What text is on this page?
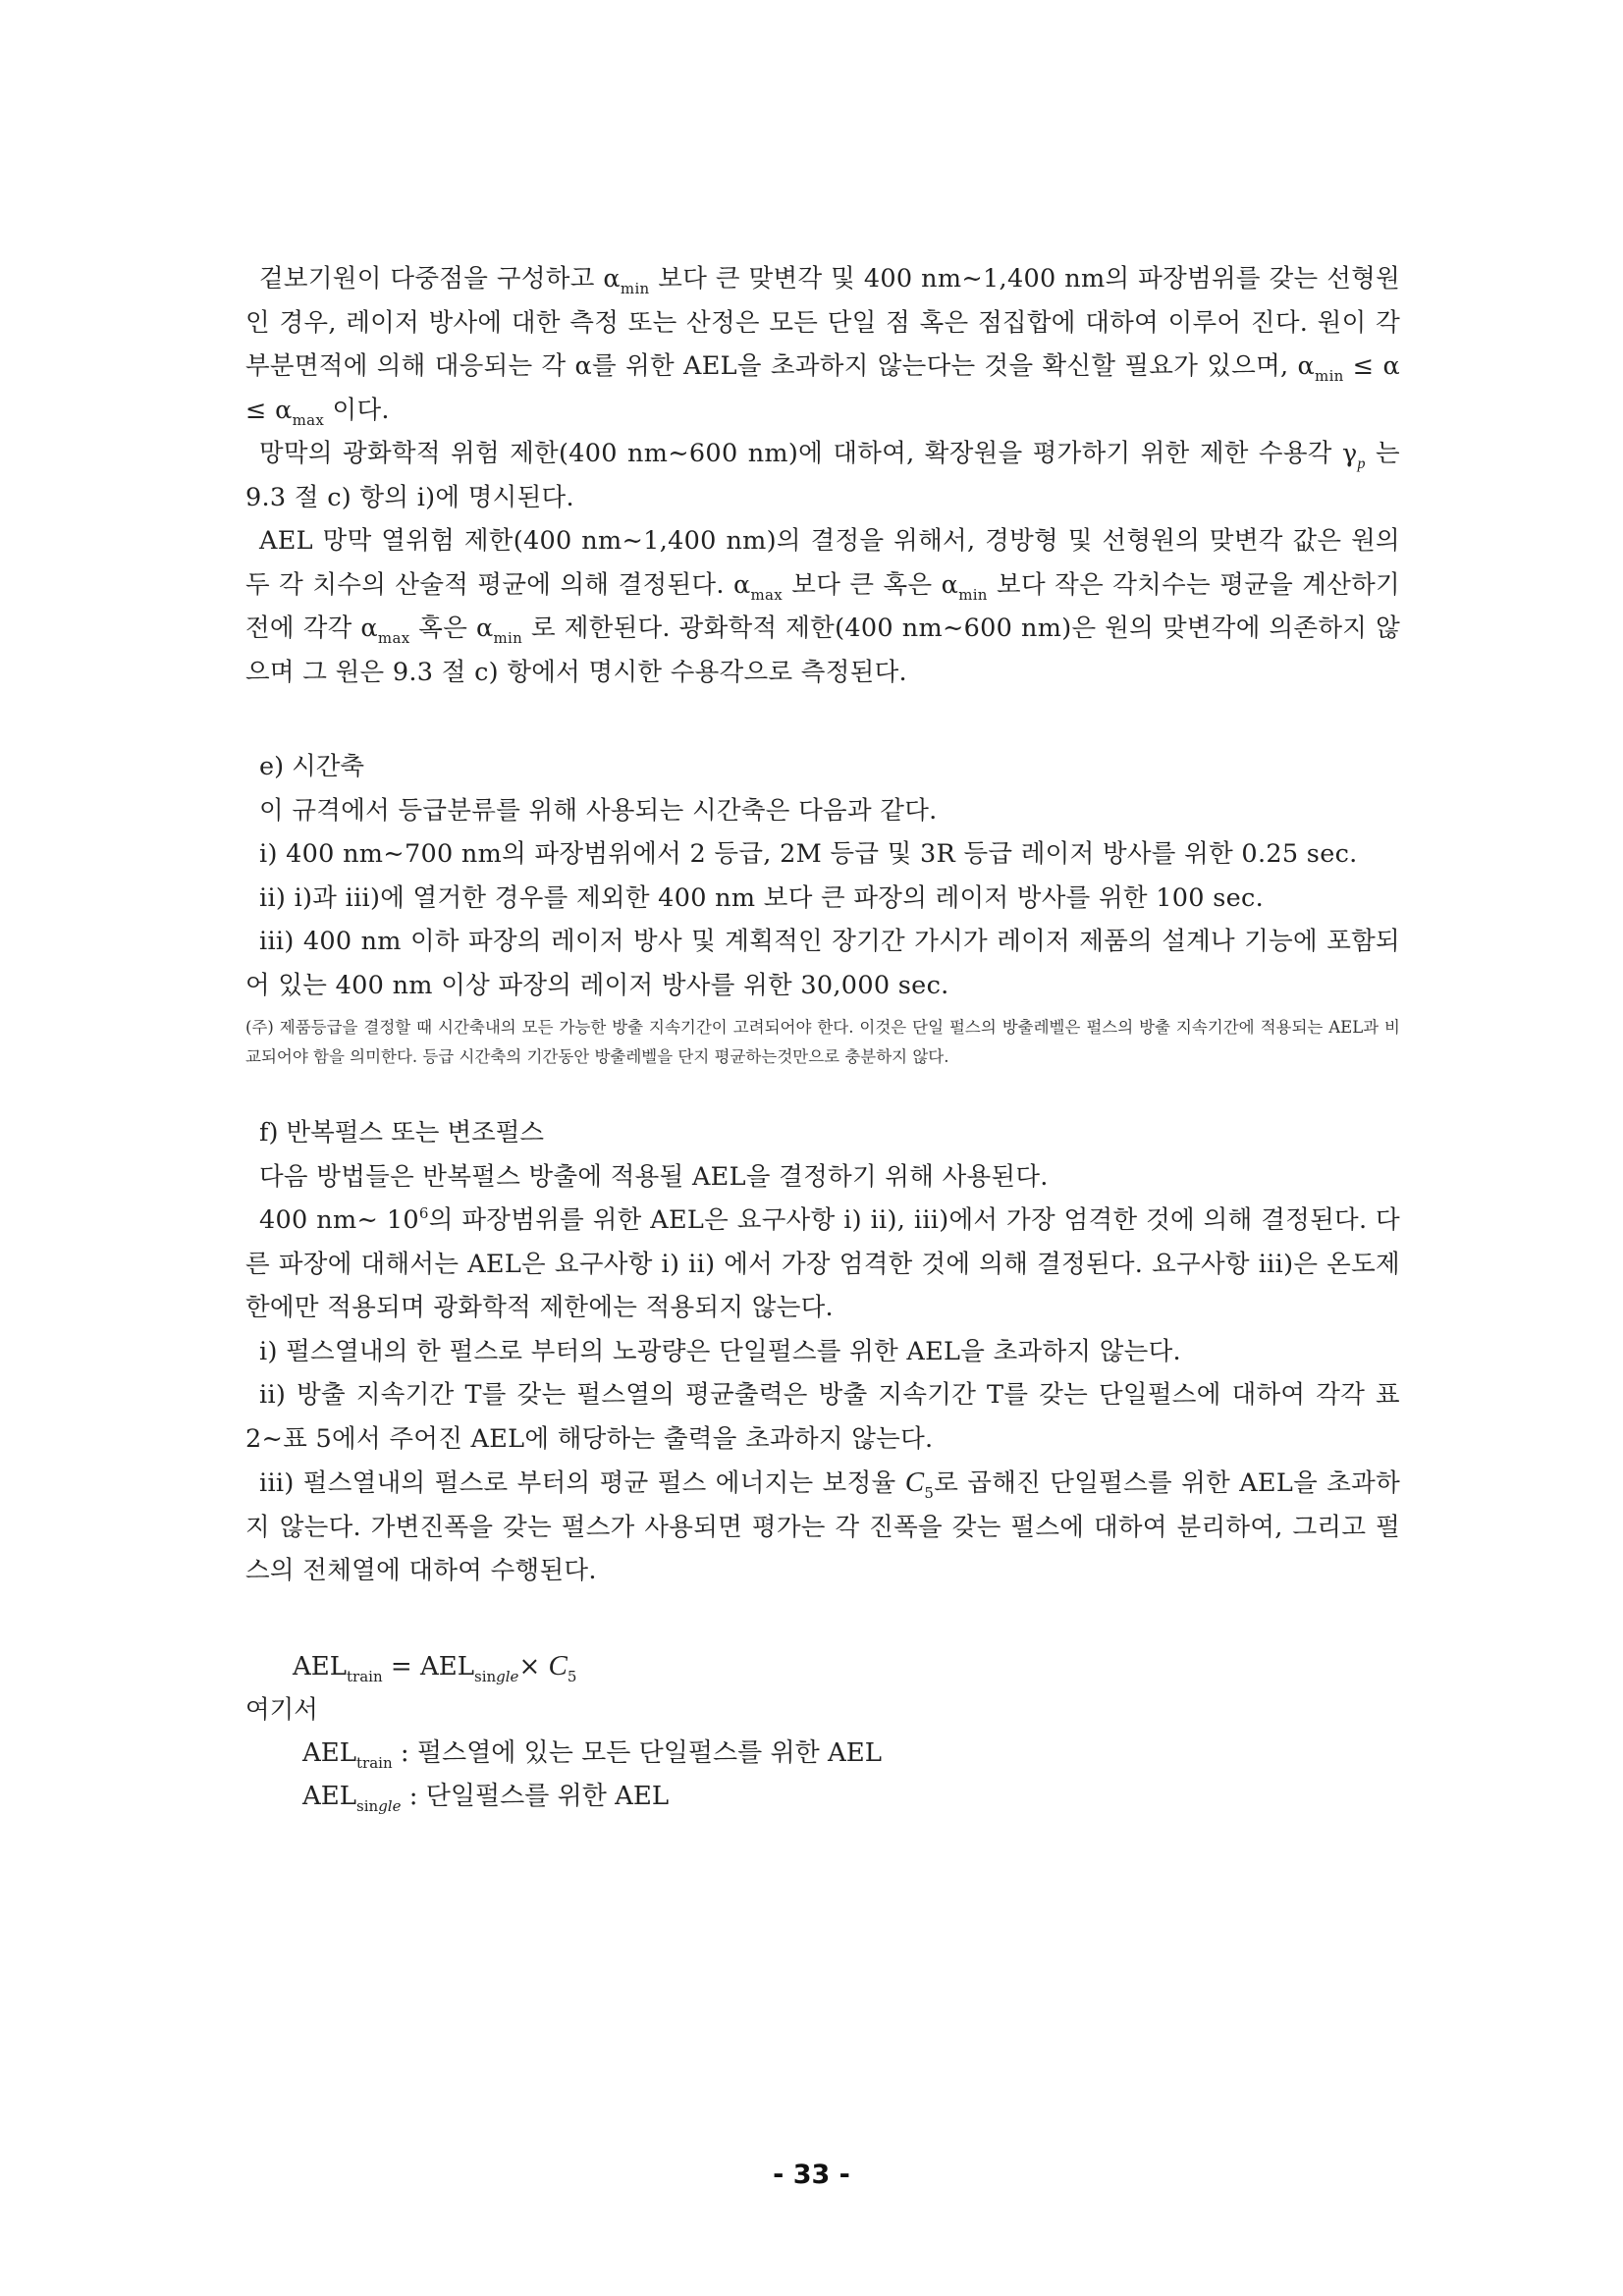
겉보기원이 다중점을 구성하고 $\alpha_{min}$ 보다 큰 맞변각 및 400 nm∼1,400 nm의 파장범위를 갖는 선형원인 경우, 레이저 방사에 대한 측정 또는 산정은 모든 단일 점 혹은 점집합에 대하여 이루어 진다. 원이 각 부분면적에 의해 대응되는 각 α를 위한 AEL을 초과하지 않는다는 것을 확신할 필요가 있으며, $\alpha_{min} \le \alpha \le \alpha_{max}$ 이다.

망막의 광화학적 위험 제한(400 nm∼600 nm)에 대하여, 확장원을 평가하기 위한 제한 수용각 $\gamma_p$ 는 9.3 절 c) 항의 i)에 명시된다.

AEL 망막 열위험 제한(400 nm∼1,400 nm)의 결정을 위해서, 경방형 및 선형원의 맞변각 값은 원의 두 각 치수의 산술적 평균에 의해 결정된다. $\alpha_{max}$ 보다 큰 혹은 $\alpha_{min}$ 보다 작은 각치수는 평균을 계산하기 전에 각각 $\alpha_{max}$ 혹은 $\alpha_{min}$ 로 제한된다. 광화학적 제한(400 nm∼600 nm)은 원의 맞변각에 의존하지 않으며 그 원은 9.3 절 c) 항에서 명시한 수용각으로 측정된다.

e) 시간축

이 규격에서 등급분류를 위해 사용되는 시간축은 다음과 같다.

i) 400 nm∼700 nm의 파장범위에서 2 등급, 2M 등급 및 3R 등급 레이저 방사를 위한 0.25 sec.

ii) i)과 iii)에 열거한 경우를 제외한 400 nm 보다 큰 파장의 레이저 방사를 위한 100 sec.

iii) 400 nm 이하 파장의 레이저 방사 및 계획적인 장기간 가시가 레이저 제품의 설계나 기능에 포함되어 있는 400 nm 이상 파장의 레이저 방사를 위한 30,000 sec.

(주) 제품등급을 결정할 때 시간축내의 모든 가능한 방출 지속기간이 고려되어야 한다. 이것은 단일 펄스의 방출레벨은 펄스의 방출 지속기간에 적용되는 AEL과 비교되어야 함을 의미한다. 등급 시간축의 기간동안 방출레벨을 단지 평균하는것만으로 충분하지 않다.

f) 반복펄스 또는 변조펄스

다음 방법들은 반복펄스 방출에 적용될 AEL을 결정하기 위해 사용된다.

400 nm∼ $10^6$의 파장범위를 위한 AEL은 요구사항 i) ii), iii)에서 가장 엄격한 것에 의해 결정된다. 다른 파장에 대해서는 AEL은 요구사항 i) ii) 에서 가장 엄격한 것에 의해 결정된다. 요구사항 iii)은 온도제한에만 적용되며 광화학적 제한에는 적용되지 않는다.

i) 펄스열내의 한 펄스로 부터의 노광량은 단일펄스를 위한 AEL을 초과하지 않는다.

ii) 방출 지속기간 T를 갖는 펄스열의 평균출력은 방출 지속기간 T를 갖는 단일펄스에 대하여 각각 표 2∼표 5에서 주어진 AEL에 해당하는 출력을 초과하지 않는다.

iii) 펄스열내의 펄스로 부터의 평균 펄스 에너지는 보정율 $C_5$로 곱해진 단일펄스를 위한 AEL을 초과하지 않는다. 가변진폭을 갖는 펄스가 사용되면 평가는 각 진폭을 갖는 펄스에 대하여 분리하여, 그리고 펄스의 전체열에 대하여 수행된다.

$AEL_{train} = AEL_{single}\times C_5$

여기서

$AEL_{train}$ : 펄스열에 있는 모든 단일펄스를 위한 AEL

$AEL_{single}$ : 단일펄스를 위한 AEL

- 33 -
